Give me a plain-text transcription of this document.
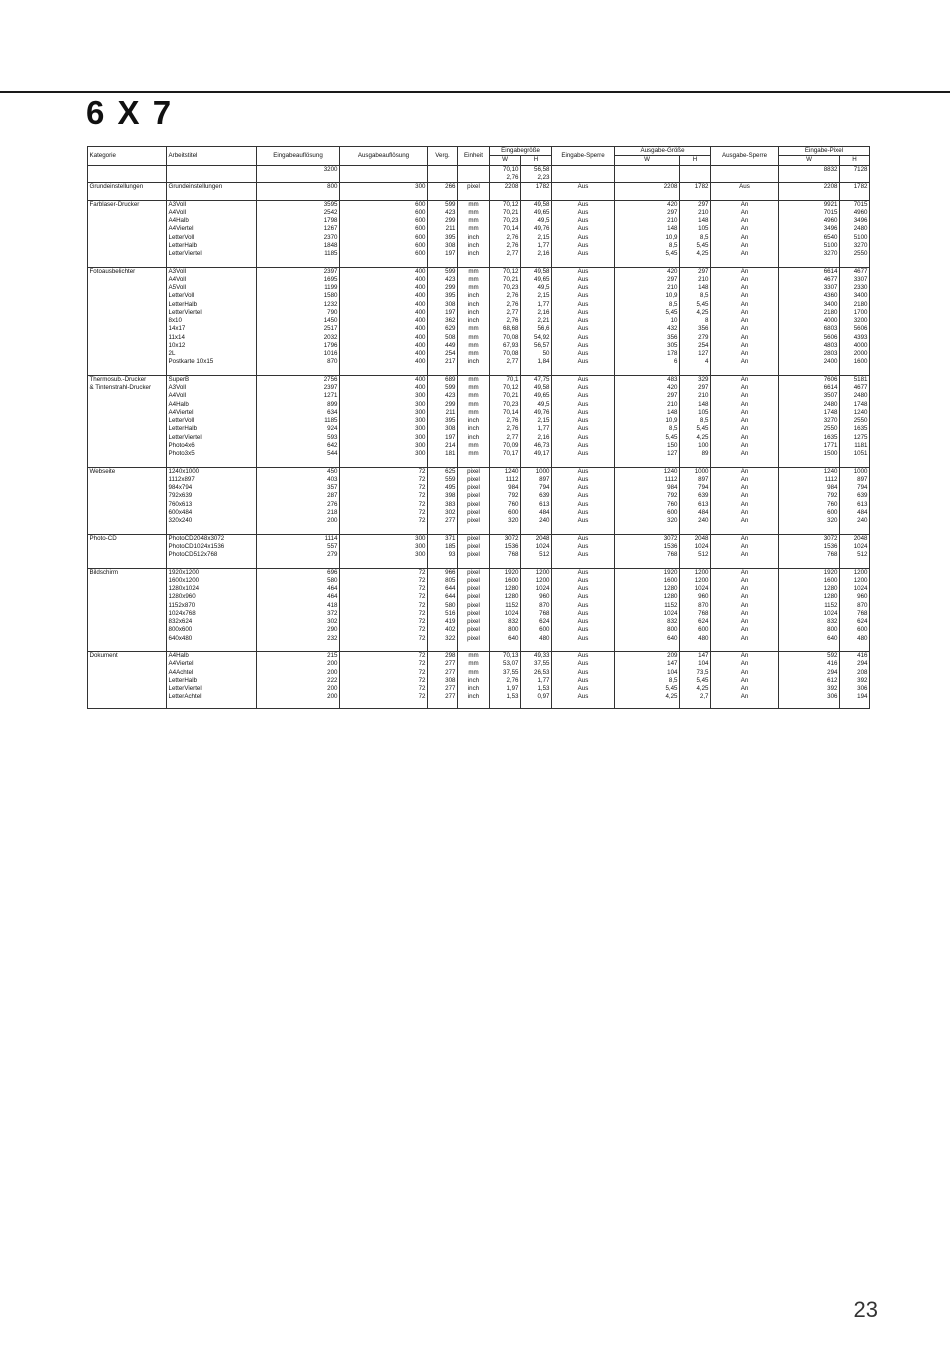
6 X 7
Kategorie	Arbeitstitel	Eingabeauflösung	Ausgabeauflösung	Verg.	Einheit	Eingabegröße		Eingabe-Sperre	Ausgabe-Größe		Ausgabe-Sperre	Eingabe-Pixel	
						W	H		W	H		W	H
		3200				70,10	56,58					8832	7128
						2,76	2,23						
Grundeinstellungen	Grundeinstellungen	800	300	266	pixel	2208	1782	Aus	2208	1782	Aus	2208	1782

Farblaser-Drucker	A3Voll	3595	600	599	mm	70,12	49,58	Aus	420	297	An	9921	7015
	A4Voll	2542	600	423	mm	70,21	49,65	Aus	297	210	An	7015	4960
	A4Halb	1798	600	299	mm	70,23	49,5	Aus	210	148	An	4960	3496
	A4Viertel	1267	600	211	mm	70,14	49,76	Aus	148	105	An	3496	2480
	LetterVoll	2370	600	395	inch	2,76	2,15	Aus	10,9	8,5	An	6540	5100
	LetterHalb	1848	600	308	inch	2,76	1,77	Aus	8,5	5,45	An	5100	3270
	LetterViertel	1185	600	197	inch	2,77	2,16	Aus	5,45	4,25	An	3270	2550

Fotoausbelichter	A3Voll	2397	400	599	mm	70,12	49,58	Aus	420	297	An	6614	4677
	A4Voll	1695	400	423	mm	70,21	49,65	Aus	297	210	An	4677	3307
	A5Voll	1199	400	299	mm	70,23	49,5	Aus	210	148	An	3307	2330
	LetterVoll	1580	400	395	inch	2,76	2,15	Aus	10,9	8,5	An	4360	3400
	LetterHalb	1232	400	308	inch	2,76	1,77	Aus	8,5	5,45	An	3400	2180
	LetterViertel	790	400	197	inch	2,77	2,16	Aus	5,45	4,25	An	2180	1700
	8x10	1450	400	362	inch	2,76	2,21	Aus	10	8	An	4000	3200
	14x17	2517	400	629	mm	68,68	56,6	Aus	432	356	An	6803	5606
	11x14	2032	400	508	mm	70,08	54,92	Aus	356	279	An	5606	4393
	10x12	1796	400	449	mm	67,93	56,57	Aus	305	254	An	4803	4000
	2L	1016	400	254	mm	70,08	50	Aus	178	127	An	2803	2000
	Postkarte 10x15	870	400	217	inch	2,77	1,84	Aus	6	4	An	2400	1600

Thermosub.-Drucker	SuperB	2756	400	689	mm	70,1	47,75	Aus	483	329	An	7606	5181
& Tintenstrahl-Drucker	A3Voll	2397	400	599	mm	70,12	49,58	Aus	420	297	An	6614	4677
	A4Voll	1271	300	423	mm	70,21	49,65	Aus	297	210	An	3507	2480
	A4Halb	899	300	299	mm	70,23	49,5	Aus	210	148	An	2480	1748
	A4Viertel	634	300	211	mm	70,14	49,76	Aus	148	105	An	1748	1240
	LetterVoll	1185	300	395	inch	2,76	2,15	Aus	10,9	8,5	An	3270	2550
	LetterHalb	924	300	308	inch	2,76	1,77	Aus	8,5	5,45	An	2550	1635
	LetterViertel	593	300	197	inch	2,77	2,16	Aus	5,45	4,25	An	1635	1275
	Photo4x6	642	300	214	mm	70,09	46,73	Aus	150	100	An	1771	1181
	Photo3x5	544	300	181	mm	70,17	49,17	Aus	127	89	An	1500	1051

Webseite	1240x1000	450	72	625	pixel	1240	1000	Aus	1240	1000	An	1240	1000
	1112x897	403	72	559	pixel	1112	897	Aus	1112	897	An	1112	897
	984x794	357	72	495	pixel	984	794	Aus	984	794	An	984	794
	792x639	287	72	398	pixel	792	639	Aus	792	639	An	792	639
	760x613	276	72	383	pixel	760	613	Aus	760	613	An	760	613
	600x484	218	72	302	pixel	600	484	Aus	600	484	An	600	484
	320x240	200	72	277	pixel	320	240	Aus	320	240	An	320	240

Photo-CD	PhotoCD2048x3072	1114	300	371	pixel	3072	2048	Aus	3072	2048	An	3072	2048
	PhotoCD1024x1536	557	300	185	pixel	1536	1024	Aus	1536	1024	An	1536	1024
	PhotoCD512x768	279	300	93	pixel	768	512	Aus	768	512	An	768	512

Bildschirm	1920x1200	696	72	966	pixel	1920	1200	Aus	1920	1200	An	1920	1200
	1600x1200	580	72	805	pixel	1600	1200	Aus	1600	1200	An	1600	1200
	1280x1024	464	72	644	pixel	1280	1024	Aus	1280	1024	An	1280	1024
	1280x960	464	72	644	pixel	1280	960	Aus	1280	960	An	1280	960
	1152x870	418	72	580	pixel	1152	870	Aus	1152	870	An	1152	870
	1024x768	372	72	516	pixel	1024	768	Aus	1024	768	An	1024	768
	832x624	302	72	419	pixel	832	624	Aus	832	624	An	832	624
	800x600	290	72	402	pixel	800	600	Aus	800	600	An	800	600
	640x480	232	72	322	pixel	640	480	Aus	640	480	An	640	480

Dokument	A4Halb	215	72	298	mm	70,13	49,33	Aus	209	147	An	592	416
	A4Viertel	200	72	277	mm	53,07	37,55	Aus	147	104	An	416	294
	A4Achtel	200	72	277	mm	37,55	26,53	Aus	104	73,5	An	294	208
	LetterHalb	222	72	308	inch	2,76	1,77	Aus	8,5	5,45	An	612	392
	LetterViertel	200	72	277	inch	1,97	1,53	Aus	5,45	4,25	An	392	306
	LetterAchtel	200	72	277	inch	1,53	0,97	Aus	4,25	2,7	An	306	194

23
